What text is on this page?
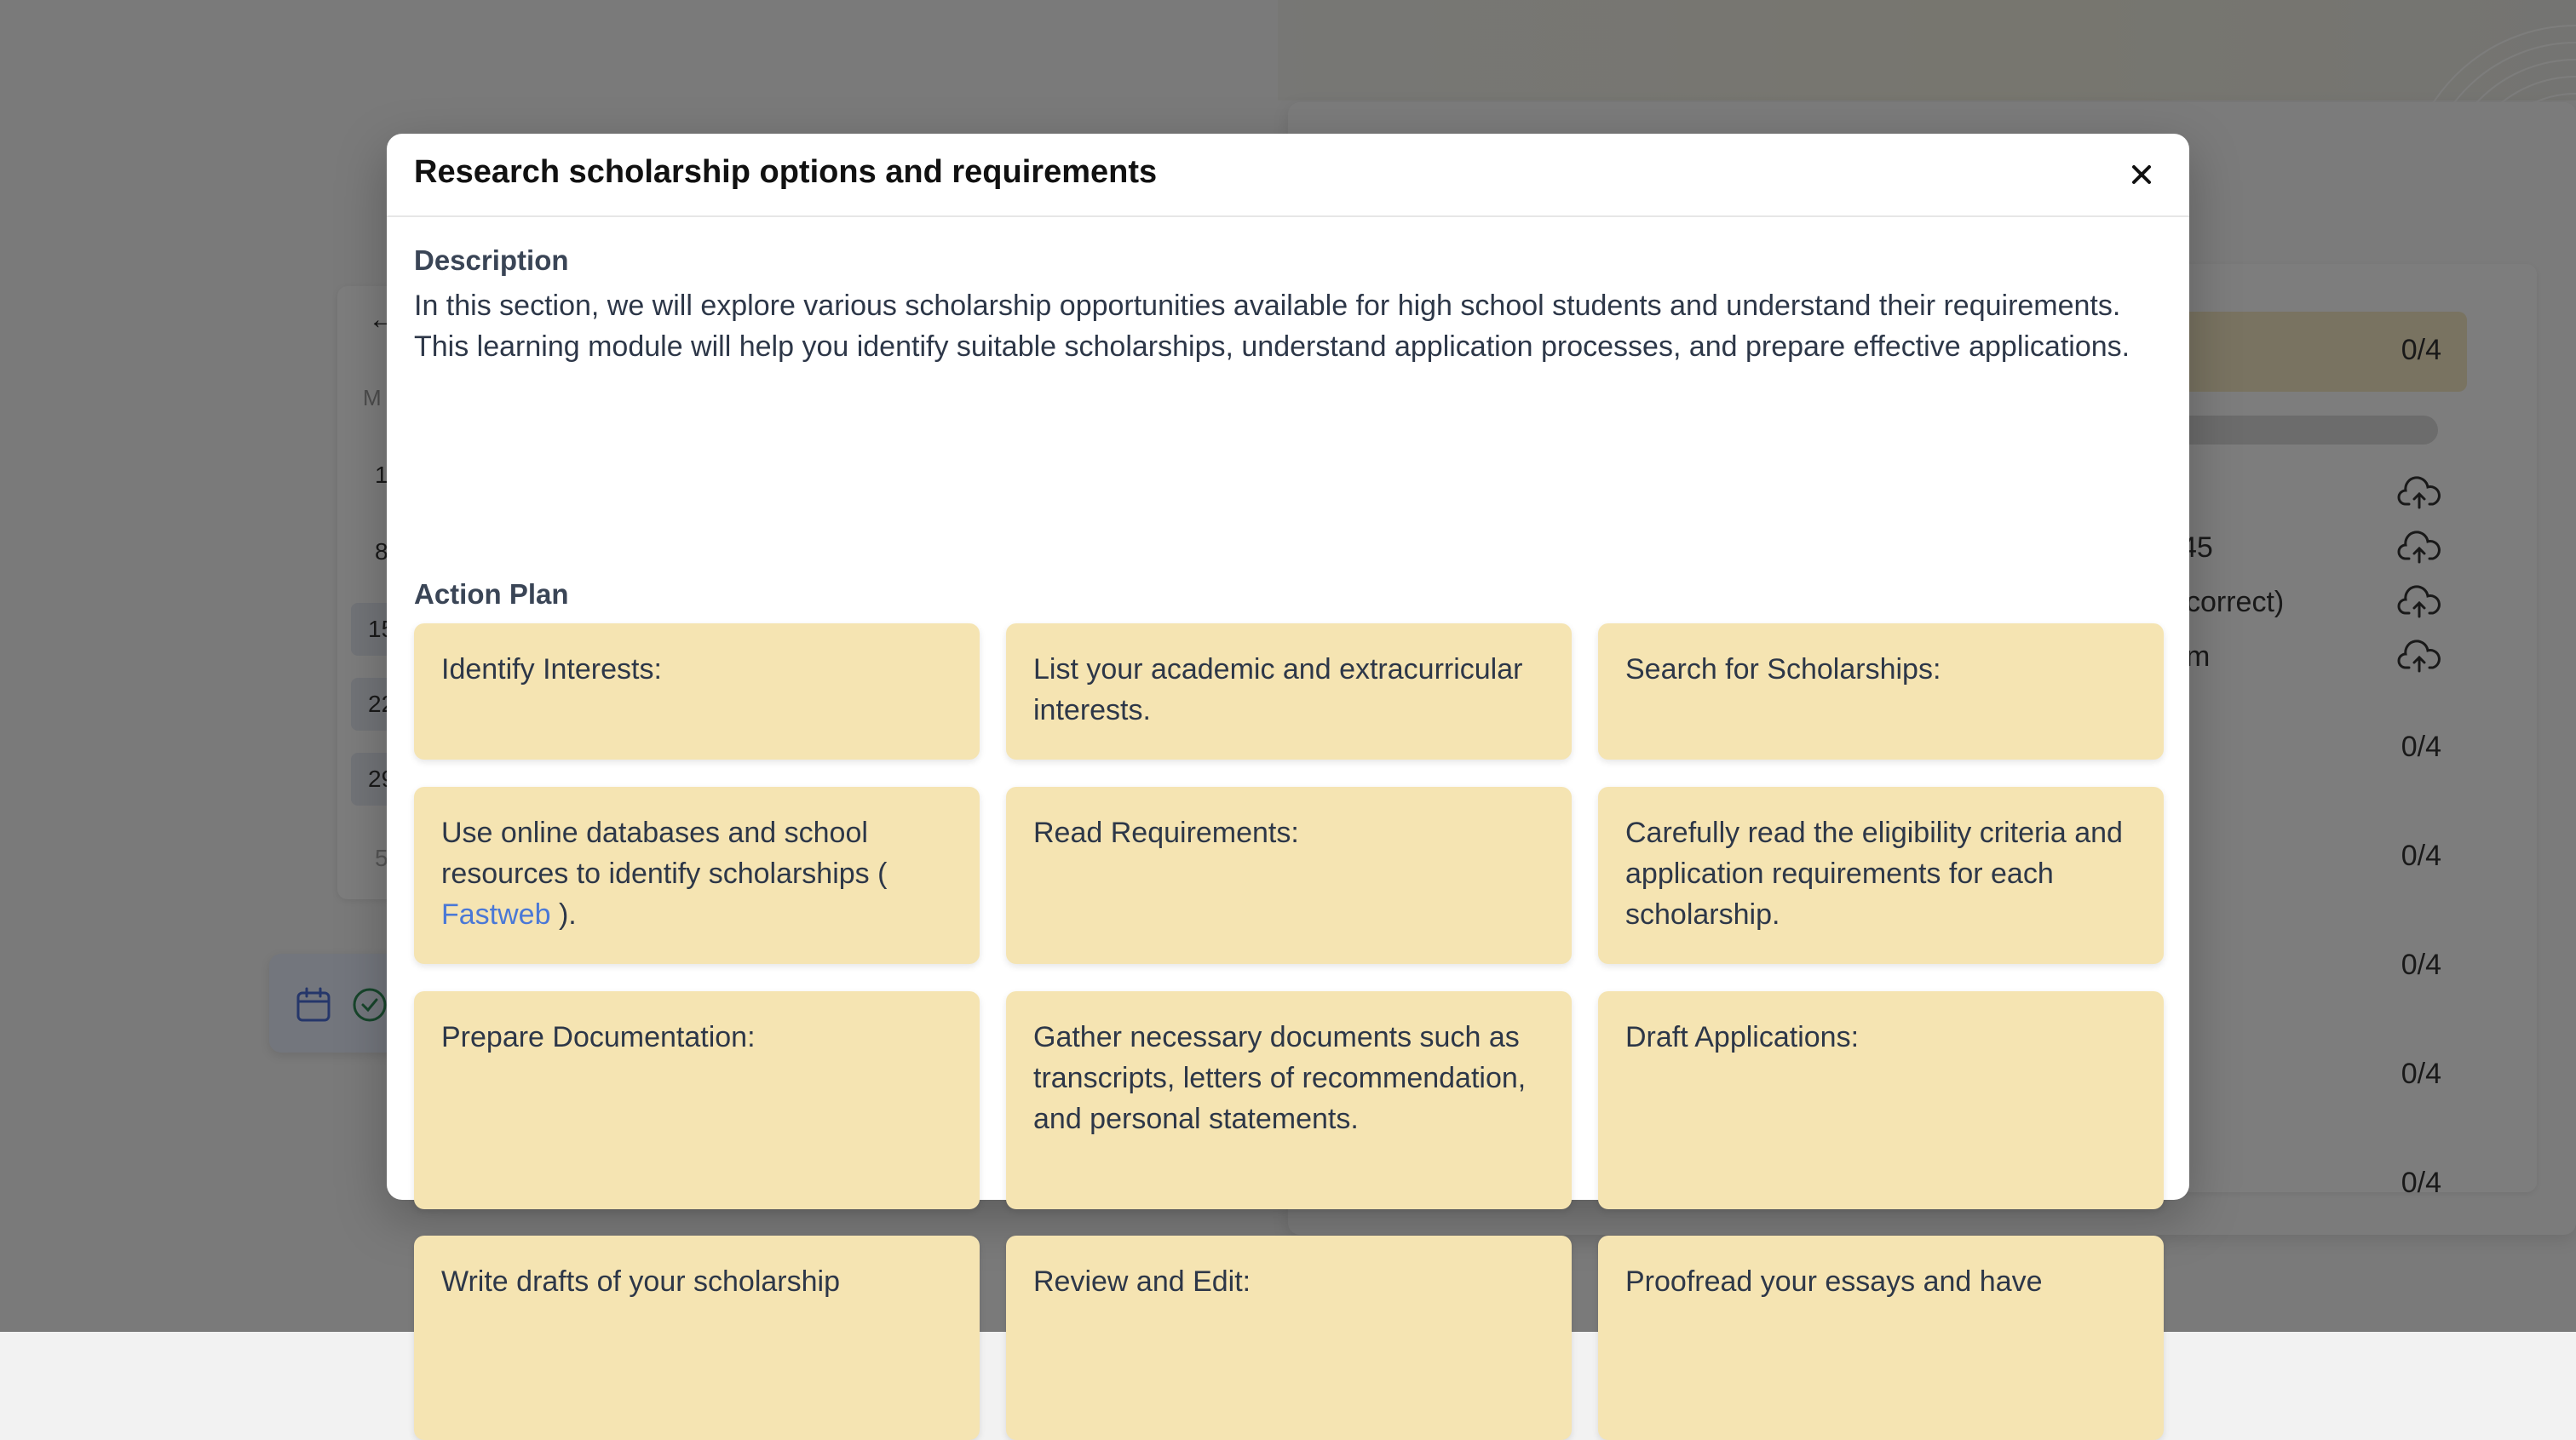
Research scholarship options and requirements
Description

In this section, we will explore various scholarship opportunities available for high school students and understand their requirements. This learning module will help you identify suitable scholarships, understand application processes, and prepare effective applications.

Action Plan
Identify Interests:	List your academic and extracurricular interests.
Search for Scholarships:
Use online databases and school resources to identify scholarships (
Fastweb ).
Read Requirements:	Carefully read the eligibility criteria and application requirements for each scholarship.
Prepare Documentation:	Gather necessary documents such as transcripts, letters of recommendation, and personal statements.
Draft Applications:
Write drafts of your scholarship	Review and Edit:	Proofread your essays and have
